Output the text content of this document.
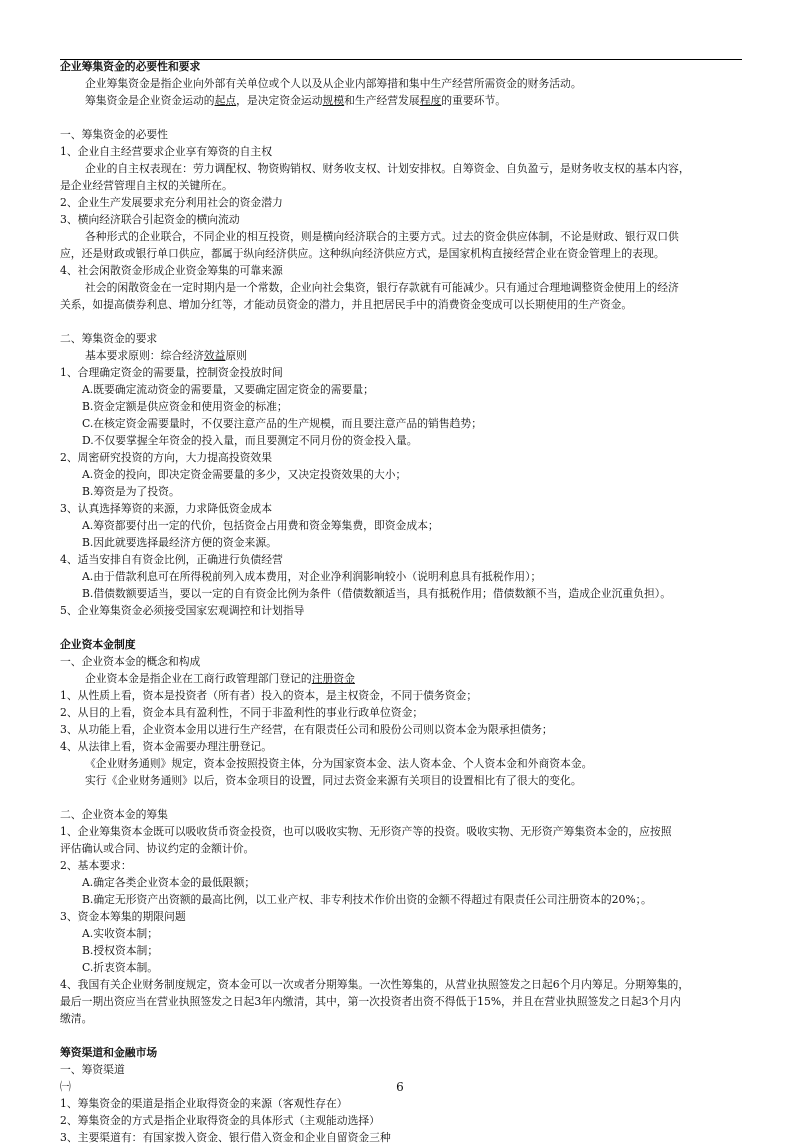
企业筹集资金的必要性和要求
企业筹集资金是指企业向外部有关单位或个人以及从企业内部筹措和集中生产经营所需资金的财务活动。
筹集资金是企业资金运动的起点，是决定资金运动规模和生产经营发展程度的重要环节。
一、筹集资金的必要性
1、企业自主经营要求企业享有筹资的自主权
企业的自主权表现在：劳力调配权、物资购销权、财务收支权、计划安排权。自筹资金、自负盈亏，是财务收支权的基本内容，
是企业经营管理自主权的关键所在。
2、企业生产发展要求充分利用社会的资金潜力
3、横向经济联合引起资金的横向流动
各种形式的企业联合，不同企业的相互投资，则是横向经济联合的主要方式。过去的资金供应体制，不论是财政、银行双口供
应，还是财政或银行单口供应，都属于纵向经济供应。这种纵向经济供应方式，是国家机构直接经营企业在资金管理上的表现。
4、社会闲散资金形成企业资金筹集的可靠来源
社会的闲散资金在一定时期内是一个常数，企业向社会集资，银行存款就有可能减少。只有通过合理地调整资金使用上的经济
关系，如提高债券利息、增加分红等，才能动员资金的潜力，并且把居民手中的消费资金变成可以长期使用的生产资金。
二、筹集资金的要求
基本要求原则：综合经济效益原则
1、合理确定资金的需要量，控制资金投放时间
A.既要确定流动资金的需要量，又要确定固定资金的需要量；
B.资金定额是供应资金和使用资金的标准；
C.在核定资金需要量时，不仅要注意产品的生产规模，而且要注意产品的销售趋势；
D.不仅要掌握全年资金的投入量，而且要测定不同月份的资金投入量。
2、周密研究投资的方向，大力提高投资效果
A.资金的投向，即决定资金需要量的多少，又决定投资效果的大小；
B.筹资是为了投资。
3、认真选择筹资的来源，力求降低资金成本
A.筹资都要付出一定的代价，包括资金占用费和资金筹集费，即资金成本；
B.因此就要选择最经济方便的资金来源。
4、适当安排自有资金比例，正确进行负债经营
A.由于借款利息可在所得税前列入成本费用，对企业净利润影响较小（说明利息具有抵税作用）；
B.借债数额要适当，要以一定的自有资金比例为条件（借债数额适当，具有抵税作用；借债数额不当，造成企业沉重负担）。
5、企业筹集资金必须接受国家宏观调控和计划指导
企业资本金制度
一、企业资本金的概念和构成
企业资本金是指企业在工商行政管理部门登记的注册资金
1、从性质上看，资本是投资者（所有者）投入的资本，是主权资金，不同于债务资金；
2、从目的上看，资金本具有盈利性，不同于非盈利性的事业行政单位资金；
3、从功能上看，企业资本金用以进行生产经营，在有限责任公司和股份公司则以资本金为限承担债务；
4、从法律上看，资本金需要办理注册登记。
《企业财务通则》规定，资本金按照投资主体，分为国家资本金、法人资本金、个人资本金和外商资本金。
实行《企业财务通则》以后，资本金项目的设置，同过去资金来源有关项目的设置相比有了很大的变化。
二、企业资本金的筹集
1、企业筹集资本金既可以吸收货币资金投资，也可以吸收实物、无形资产等的投资。吸收实物、无形资产筹集资本金的，应按照
评估确认或合同、协议约定的金额计价。
2、基本要求：
A.确定各类企业资本金的最低限额；
B.确定无形资产出资额的最高比例，以工业产权、非专利技术作价出资的金额不得超过有限责任公司注册资本的20%；。
3、资金本筹集的期限问题
A.实收资本制；
B.授权资本制；
C.折衷资本制。
4、我国有关企业财务制度规定，资本金可以一次或者分期筹集。一次性筹集的，从营业执照签发之日起6个月内筹足。分期筹集的，
最后一期出资应当在营业执照签发之日起3年内缴清，其中，第一次投资者出资不得低于15%，并且在营业执照签发之日起3个月内
缴清。
筹资渠道和金融市场
一、筹资渠道
㈠
1、筹集资金的渠道是指企业取得资金的来源（客观性存在）
2、筹集资金的方式是指企业取得资金的具体形式（主观能动选择）
3、主要渠道有：有国家拨入资金、银行借入资金和企业自留资金三种
6
